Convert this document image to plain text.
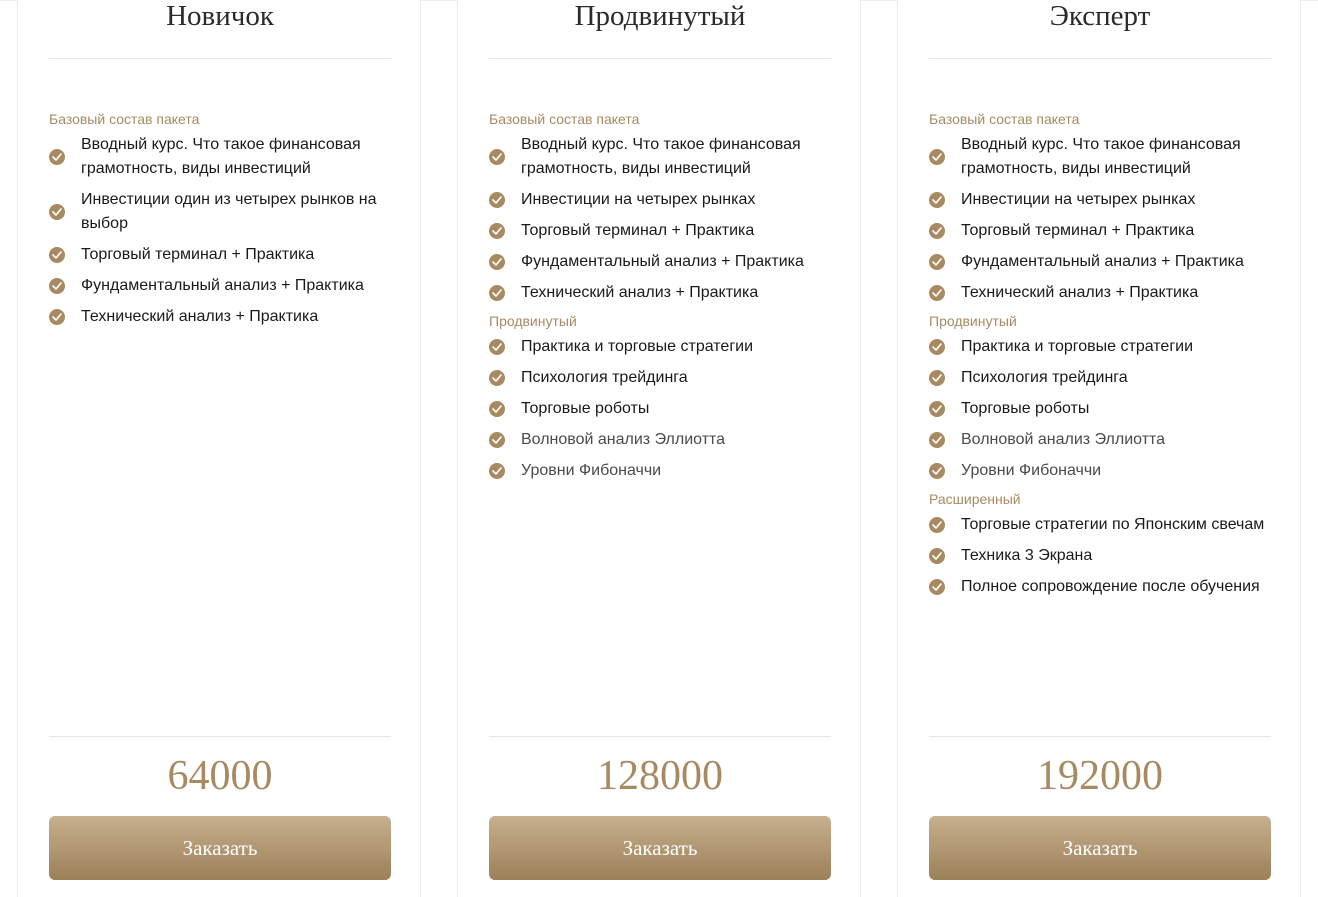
Новичок
Базовый состав пакета
Вводный курс. Что такое финансовая грамотность, виды инвестиций
Инвестиции один из четырех рынков на выбор
Торговый терминал + Практика
Фундаментальный анализ + Практика
Технический анализ + Практика
64000
Заказать
Продвинутый
Базовый состав пакета
Вводный курс. Что такое финансовая грамотность, виды инвестиций
Инвестиции на четырех рынках
Торговый терминал + Практика
Фундаментальный анализ + Практика
Технический анализ + Практика
Продвинутый
Практика и торговые стратегии
Психология трейдинга
Торговые роботы
Волновой анализ Эллиотта
Уровни Фибоначчи
128000
Заказать
Эксперт
Базовый состав пакета
Вводный курс. Что такое финансовая грамотность, виды инвестиций
Инвестиции на четырех рынках
Торговый терминал + Практика
Фундаментальный анализ + Практика
Технический анализ + Практика
Продвинутый
Практика и торговые стратегии
Психология трейдинга
Торговые роботы
Волновой анализ Эллиотта
Уровни Фибоначчи
Расширенный
Торговые стратегии по Японским свечам
Техника 3 Экрана
Полное сопровождение после обучения
192000
Заказать
